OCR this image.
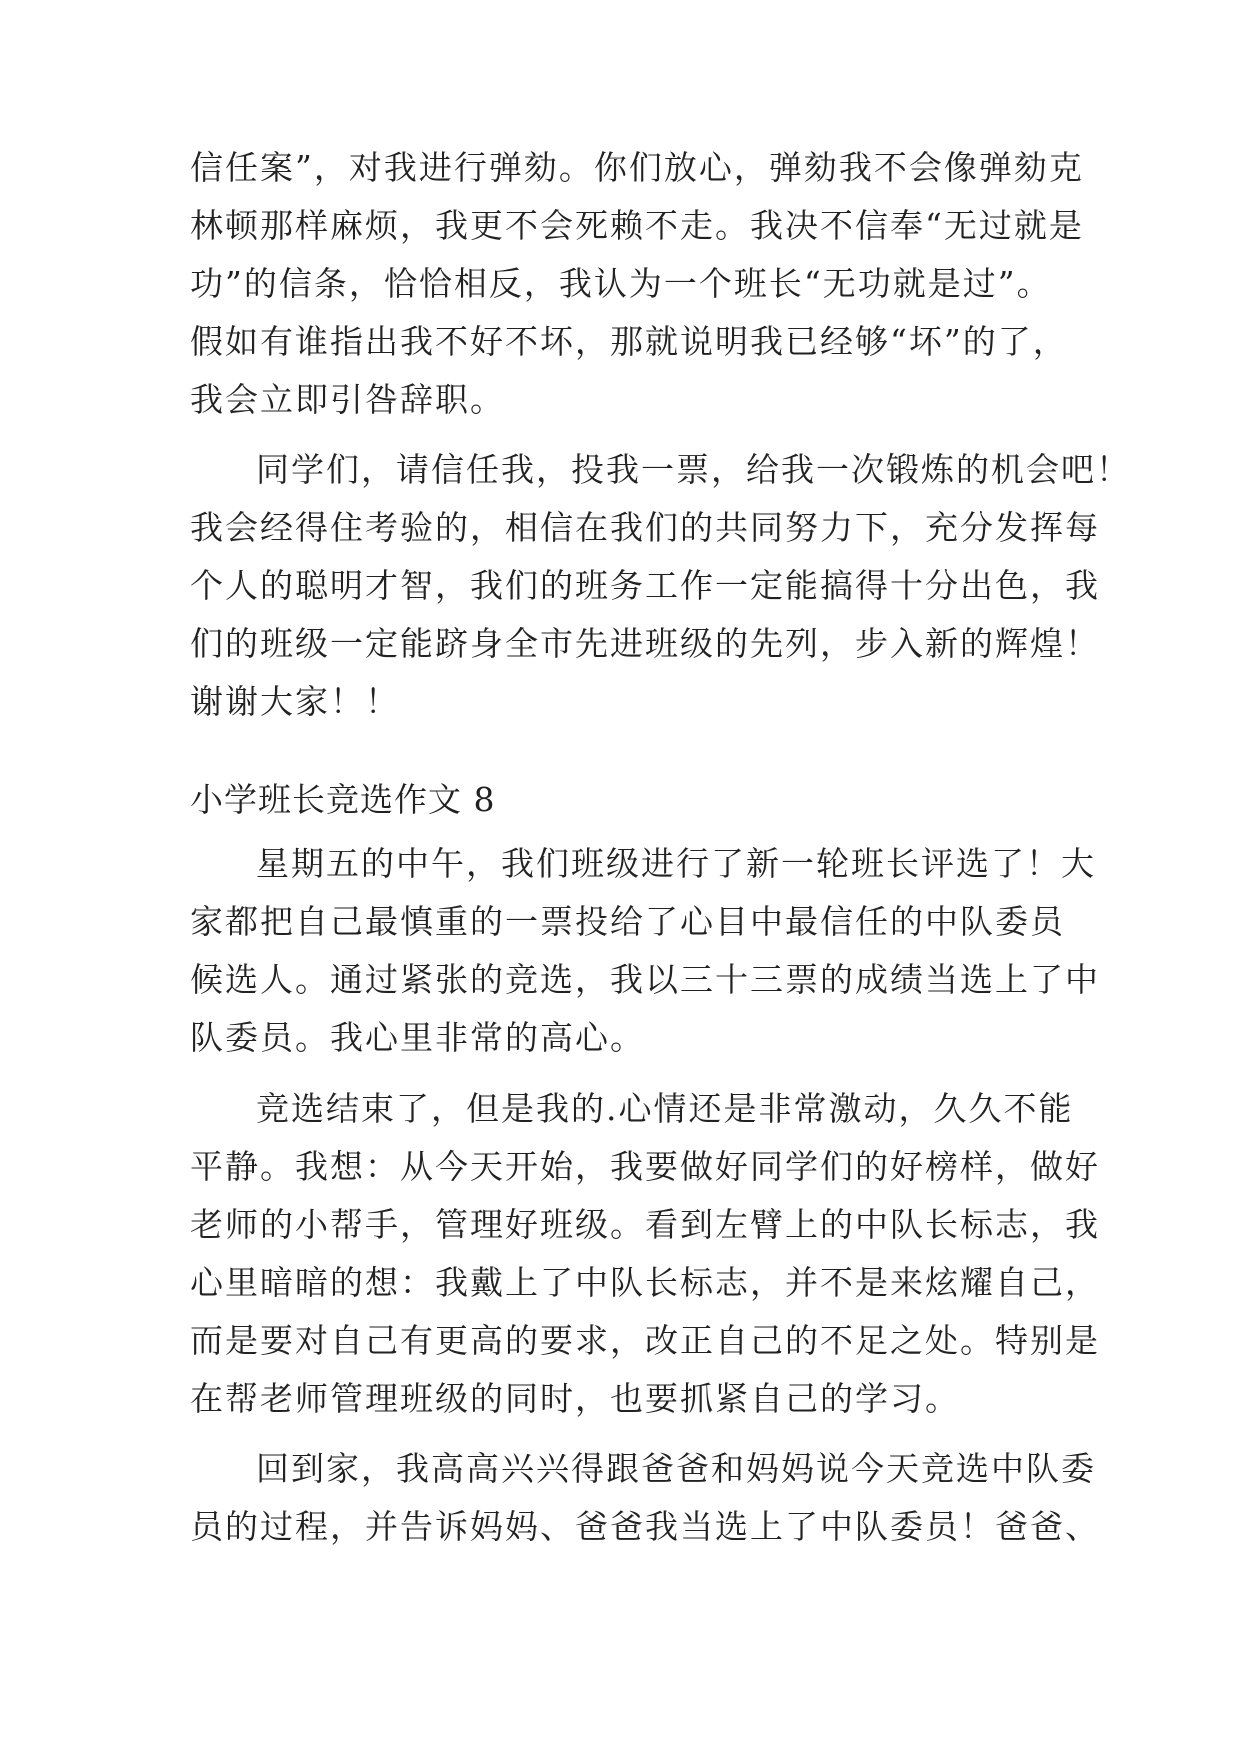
信任案”，对我进行弹劾。你们放心，弹劾我不会像弹劾克
林顿那样麻烦，我更不会死赖不走。我决不信奉“无过就是
功”的信条，恰恰相反，我认为一个班长“无功就是过”。
假如有谁指出我不好不坏，那就说明我已经够“坏”的了，
我会立即引咎辞职。
同学们，请信任我，投我一票，给我一次锻炼的机会吧！
我会经得住考验的，相信在我们的共同努力下，充分发挥每
个人的聪明才智，我们的班务工作一定能搞得十分出色，我
们的班级一定能跻身全市先进班级的先列，步入新的辉煌！
谢谢大家！！
小学班长竞选作文 8
星期五的中午，我们班级进行了新一轮班长评选了！大
家都把自己最慎重的一票投给了心目中最信任的中队委员
候选人。通过紧张的竞选，我以三十三票的成绩当选上了中
队委员。我心里非常的高心。
竞选结束了，但是我的.心情还是非常激动，久久不能
平静。我想：从今天开始，我要做好同学们的好榜样，做好
老师的小帮手，管理好班级。看到左臂上的中队长标志，我
心里暗暗的想：我戴上了中队长标志，并不是来炫耀自己，
而是要对自己有更高的要求，改正自己的不足之处。特别是
在帮老师管理班级的同时，也要抓紧自己的学习。
回到家，我高高兴兴得跟爸爸和妈妈说今天竞选中队委
员的过程，并告诉妈妈、爸爸我当选上了中队委员！爸爸、
